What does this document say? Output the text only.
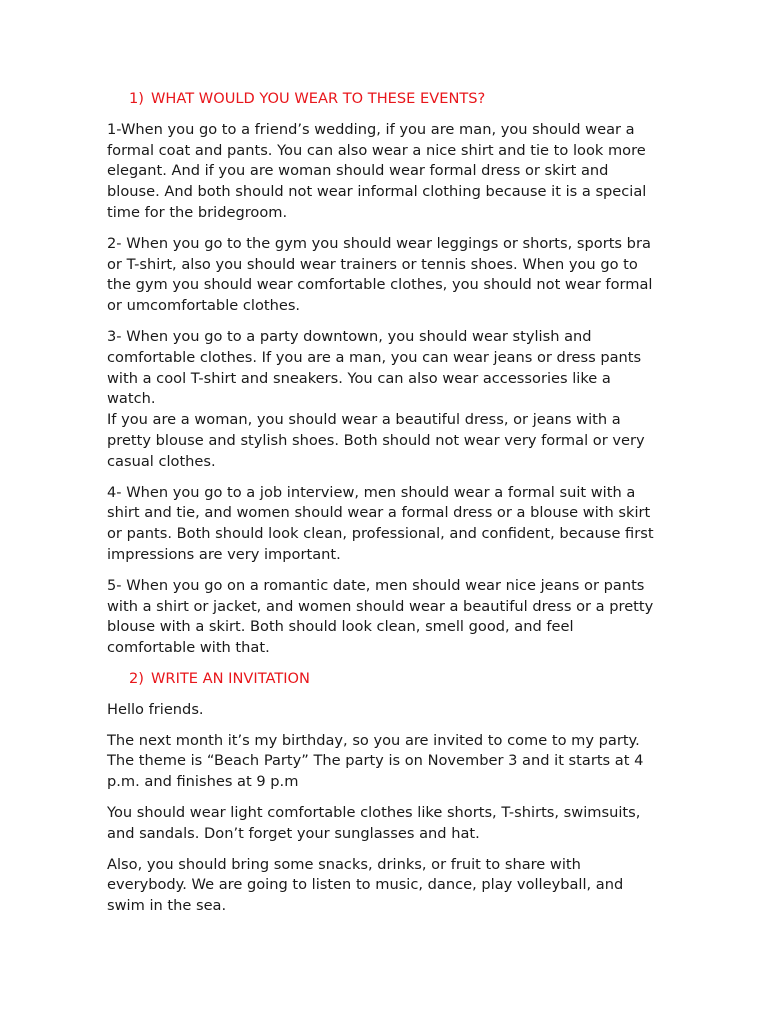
1) WHAT WOULD YOU WEAR TO THESE EVENTS?

1-When you go to a friend’s wedding, if you are man, you should wear a formal coat and pants. You can also wear a nice shirt and tie to look more elegant. And if you are woman should wear formal dress or skirt and blouse. And both should not wear informal clothing because it is a special time for the bridegroom.

2- When you go to the gym you should wear leggings or shorts, sports bra or T-shirt, also you should wear trainers or tennis shoes. When you go to the gym you should wear comfortable clothes, you should not wear formal or umcomfortable clothes.

3- When you go to a party downtown, you should wear stylish and comfortable clothes. If you are a man, you can wear jeans or dress pants with a cool T-shirt and sneakers. You can also wear accessories like a watch.
If you are a woman, you should wear a beautiful dress, or jeans with a pretty blouse and stylish shoes. Both should not wear very formal or very casual clothes.

4- When you go to a job interview, men should wear a formal suit with a shirt and tie, and women should wear a formal dress or a blouse with skirt or pants. Both should look clean, professional, and confident, because first impressions are very important.

5- When you go on a romantic date, men should wear nice jeans or pants with a shirt or jacket, and women should wear a beautiful dress or a pretty blouse with a skirt. Both should look clean, smell good, and feel comfortable with that.

2) WRITE AN INVITATION

Hello friends.

The next month it’s my birthday, so you are invited to come to my party. The theme is “Beach Party” The party is on November 3 and it starts at 4 p.m. and finishes at 9 p.m

You should wear light comfortable clothes like shorts, T-shirts, swimsuits, and sandals. Don’t forget your sunglasses and hat.

Also, you should bring some snacks, drinks, or fruit to share with everybody. We are going to listen to music, dance, play volleyball, and swim in the sea.
